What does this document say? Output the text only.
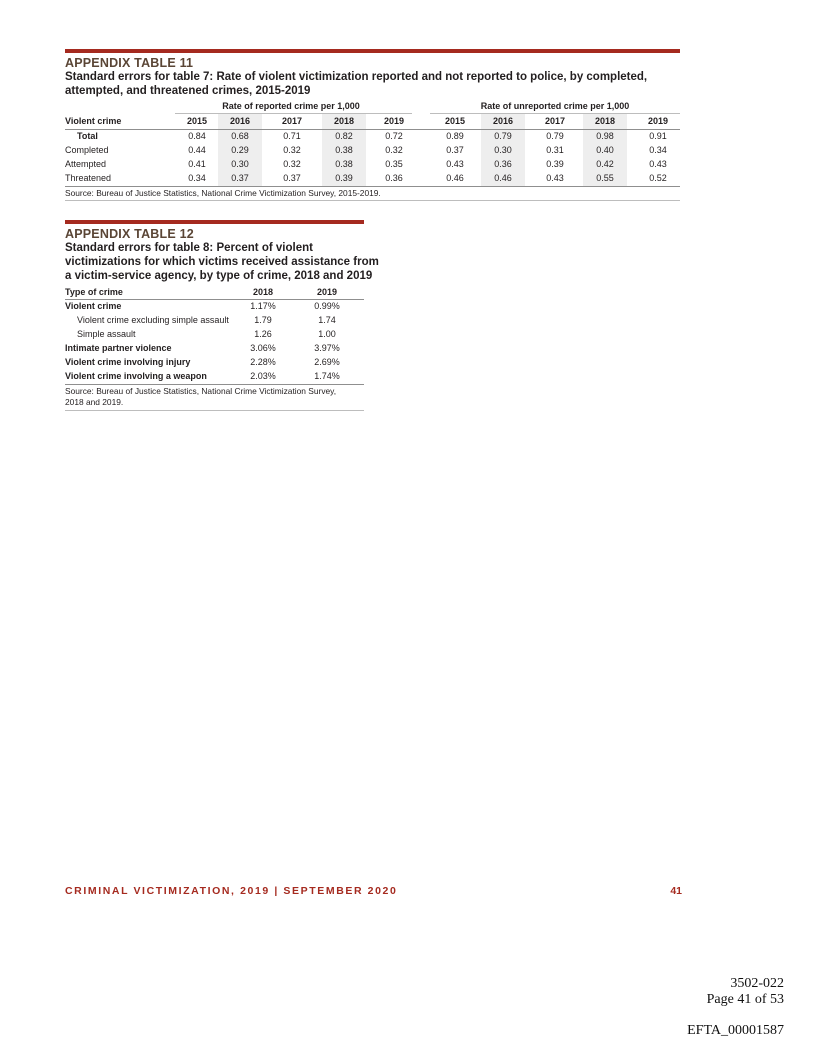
APPENDIX TABLE 11
Standard errors for table 7: Rate of violent victimization reported and not reported to police, by completed,
attempted, and threatened crimes, 2015-2019
Rate of reported crime per 1,000	Rate of unreported crime per 1,000
Violent crime	2015	2016	2017	2018	2019	2015	2016	2017	2018	2019
Total	0.84	0.68	0.71	0.82	0.72	0.89	0.79	0.79	0.98	0.91
Completed	0.44	0.29	0.32	0.38	0.32	0.37	0.30	0.31	0.40	0.34
Attempted	0.41	0.30	0.32	0.38	0.35	0.43	0.36	0.39	0.42	0.43
Threatened	0.34	0.37	0.37	0.39	0.36	0.46	0.46	0.43	0.55	0.52
Source: Bureau of Justice Statistics, National Crime Victimization Survey, 2015-2019.
APPENDIX TABLE 12
Standard errors for table 8: Percent of violent
victimizations for which victims received assistance from
a victim-service agency, by type of crime, 2018 and 2019
Type of crime	2018	2019
Violent crime	1.17%	0.99%
Violent crime excluding simple assault	1.79	1.74
Simple assault	1.26	1.00
Intimate partner violence	3.06%	3.97%
Violent crime involving injury	2.28%	2.69%
Violent crime involving a weapon	2.03%	1.74%
Source: Bureau of Justice Statistics, National Crime Victimization Survey,
2018 and 2019.
CRIMINAL VICTIMIZATION, 2019 | SEPTEMBER 2020	41
3502-022
Page 41 of 53
EFTA_00001587
